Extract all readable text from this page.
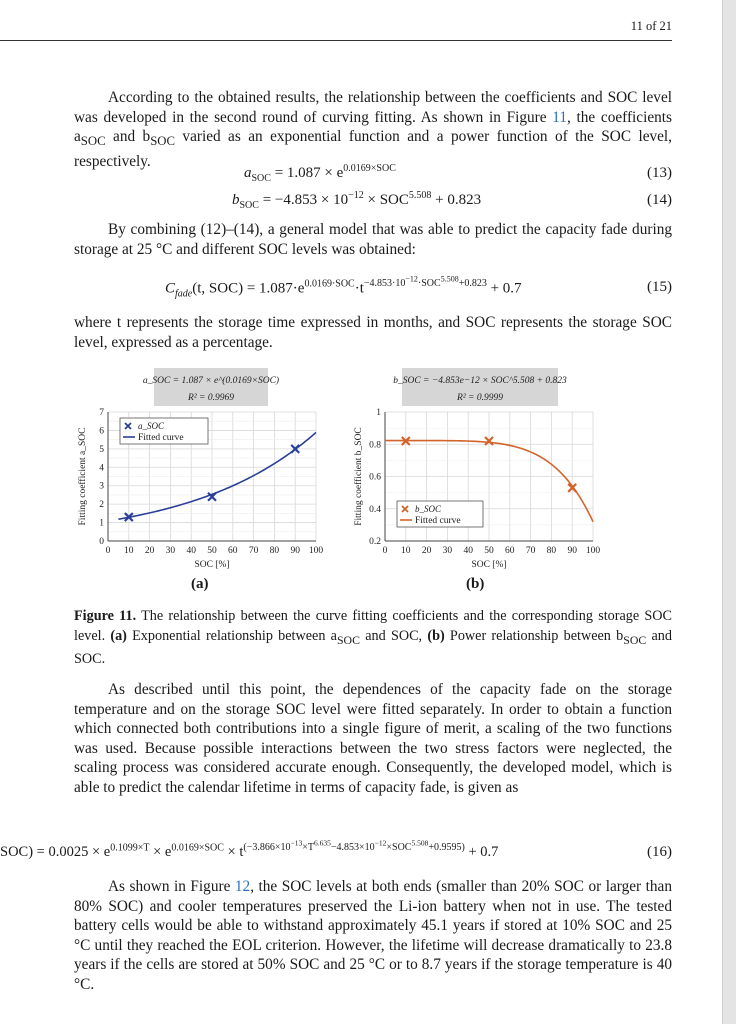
11 of 21

According to the obtained results, the relationship between the coefficients and SOC level was developed in the second round of curving fitting. As shown in Figure 11, the coefficients $a_{SOC}$ and $b_{SOC}$ varied as an exponential function and a power function of the SOC level, respectively.

$a_{SOC} = 1.087 \times e^{0.0169\times SOC}$	(13)
$b_{SOC} = -4.853 \times 10^{-12} \times SOC^{5.508} + 0.823$	(14)

By combining (12)–(14), a general model that was able to predict the capacity fade during storage at 25 °C and different SOC levels was obtained:

$C_{fade}(t$, $SOC) = 1.087\cdot e^{0.0169\cdot SOC}\cdot t^{-4.853\cdot 10^{-12}\cdot SOC^{5.508}+0.823} + 0.7$	(15)

where t represents the storage time expressed in months, and SOC represents the storage SOC level, expressed as a percentage.

a_SOC = 1.087 × e^(0.0169×SOC)
R² = 0.9969
0 10 20 30 40 50 60 70 80 90 100
0
1
2
3
4
5
6
7
SOC [%]
Fitting coefficient a_SOC
a_SOC
Fitted curve
(a)
b_SOC = −4.853e−12 × SOC^5.508 + 0.823
R² = 0.9999
0 10 20 30 40 50 60 70 80 90 100
0.2
0.4
0.6
0.8
1
SOC [%]
Fitting coefficient b_SOC	b_SOC
Fitted curve
(b)

Figure 11. The relationship between the curve fitting coefficients and the corresponding storage SOC level. (a) Exponential relationship between $a_{SOC}$ and SOC, (b) Power relationship between $b_{SOC}$ and SOC.

As described until this point, the dependences of the capacity fade on the storage temperature and on the storage SOC level were fitted separately. In order to obtain a function which connected both contributions into a single figure of merit, a scaling of the two functions was used. Because possible interactions between the two stress factors were neglected, the scaling process was considered accurate enough. Consequently, the developed model, which is able to predict the calendar lifetime in terms of capacity fade, is given as

$SOC) = 0.0025 \times e^{0.1099\times T} \times e^{0.0169\times SOC} \times t^{(-3.866\times 10^{-13}\times T^{6.635}-4.853\times 10^{-12}\times SOC^{5.508}+0.9595)} + 0.7$	(16)

As shown in Figure 12, the SOC levels at both ends (smaller than 20% SOC or larger than 80% SOC) and cooler temperatures preserved the Li-ion battery when not in use. The tested battery cells would be able to withstand approximately 45.1 years if stored at 10% SOC and 25 °C until they reached the EOL criterion. However, the lifetime will decrease dramatically to 23.8 years if the cells are stored at 50% SOC and 25 °C or to 8.7 years if the storage temperature is 40 °C.
